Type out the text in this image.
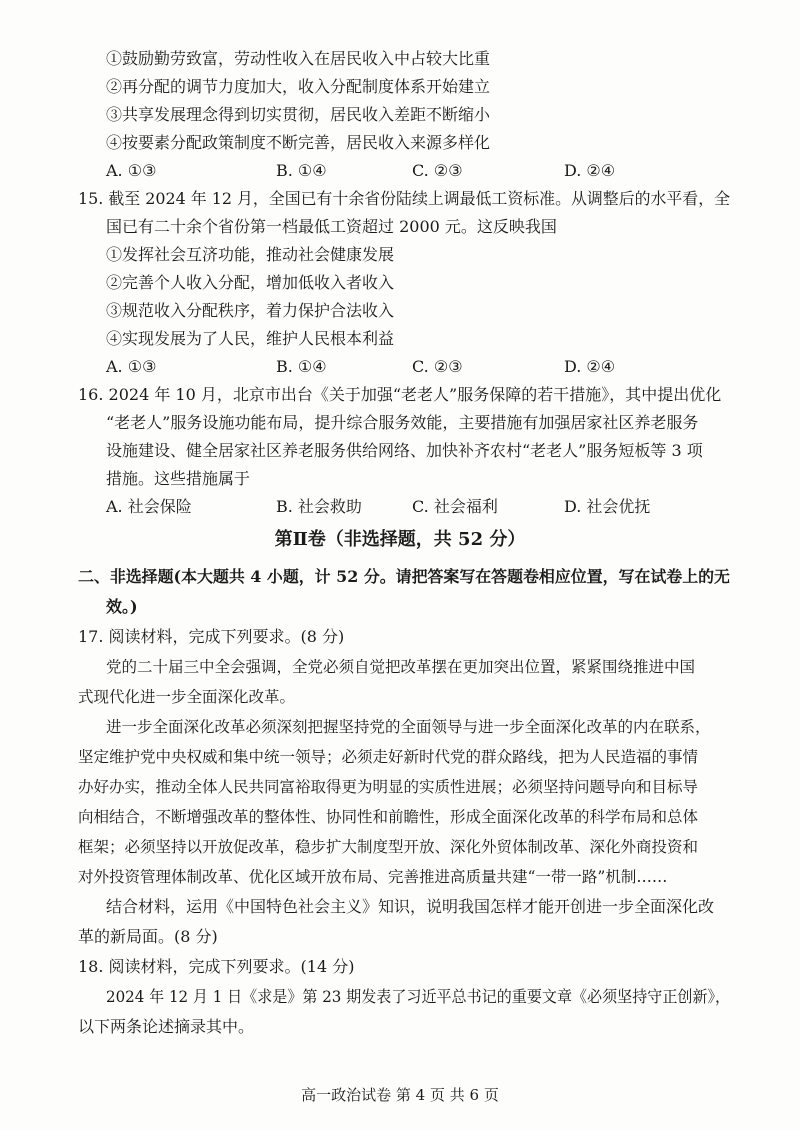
①鼓励勤劳致富，劳动性收入在居民收入中占较大比重
②再分配的调节力度加大，收入分配制度体系开始建立
③共享发展理念得到切实贯彻，居民收入差距不断缩小
④按要素分配政策制度不断完善，居民收入来源多样化
A. ①③	B. ①④	C. ②③	D. ②④
15. 截至 2024 年 12 月，全国已有十余省份陆续上调最低工资标准。从调整后的水平看，全
国已有二十余个省份第一档最低工资超过 2000 元。这反映我国
①发挥社会互济功能，推动社会健康发展
②完善个人收入分配，增加低收入者收入
③规范收入分配秩序，着力保护合法收入
④实现发展为了人民，维护人民根本利益
A. ①③	B. ①④	C. ②③	D. ②④
16. 2024 年 10 月，北京市出台《关于加强“老老人”服务保障的若干措施》，其中提出优化
“老老人”服务设施功能布局，提升综合服务效能，主要措施有加强居家社区养老服务
设施建设、健全居家社区养老服务供给网络、加快补齐农村“老老人”服务短板等 3 项
措施。这些措施属于
A. 社会保险	B. 社会救助	C. 社会福利	D. 社会优抚
第Ⅱ卷（非选择题，共 52 分）
二、非选择题(本大题共 4 小题，计 52 分。请把答案写在答题卷相应位置，写在试卷上的无
效。)
17. 阅读材料，完成下列要求。(8 分)
党的二十届三中全会强调，全党必须自觉把改革摆在更加突出位置，紧紧围绕推进中国
式现代化进一步全面深化改革。
进一步全面深化改革必须深刻把握坚持党的全面领导与进一步全面深化改革的内在联系，
坚定维护党中央权威和集中统一领导；必须走好新时代党的群众路线，把为人民造福的事情
办好办实，推动全体人民共同富裕取得更为明显的实质性进展；必须坚持问题导向和目标导
向相结合，不断增强改革的整体性、协同性和前瞻性，形成全面深化改革的科学布局和总体
框架；必须坚持以开放促改革，稳步扩大制度型开放、深化外贸体制改革、深化外商投资和
对外投资管理体制改革、优化区域开放布局、完善推进高质量共建“一带一路”机制……
结合材料，运用《中国特色社会主义》知识，说明我国怎样才能开创进一步全面深化改
革的新局面。(8 分)
18. 阅读材料，完成下列要求。(14 分)
2024 年 12 月 1 日《求是》第 23 期发表了习近平总书记的重要文章《必须坚持守正创新》，
以下两条论述摘录其中。
高一政治试卷 第 4 页 共 6 页
